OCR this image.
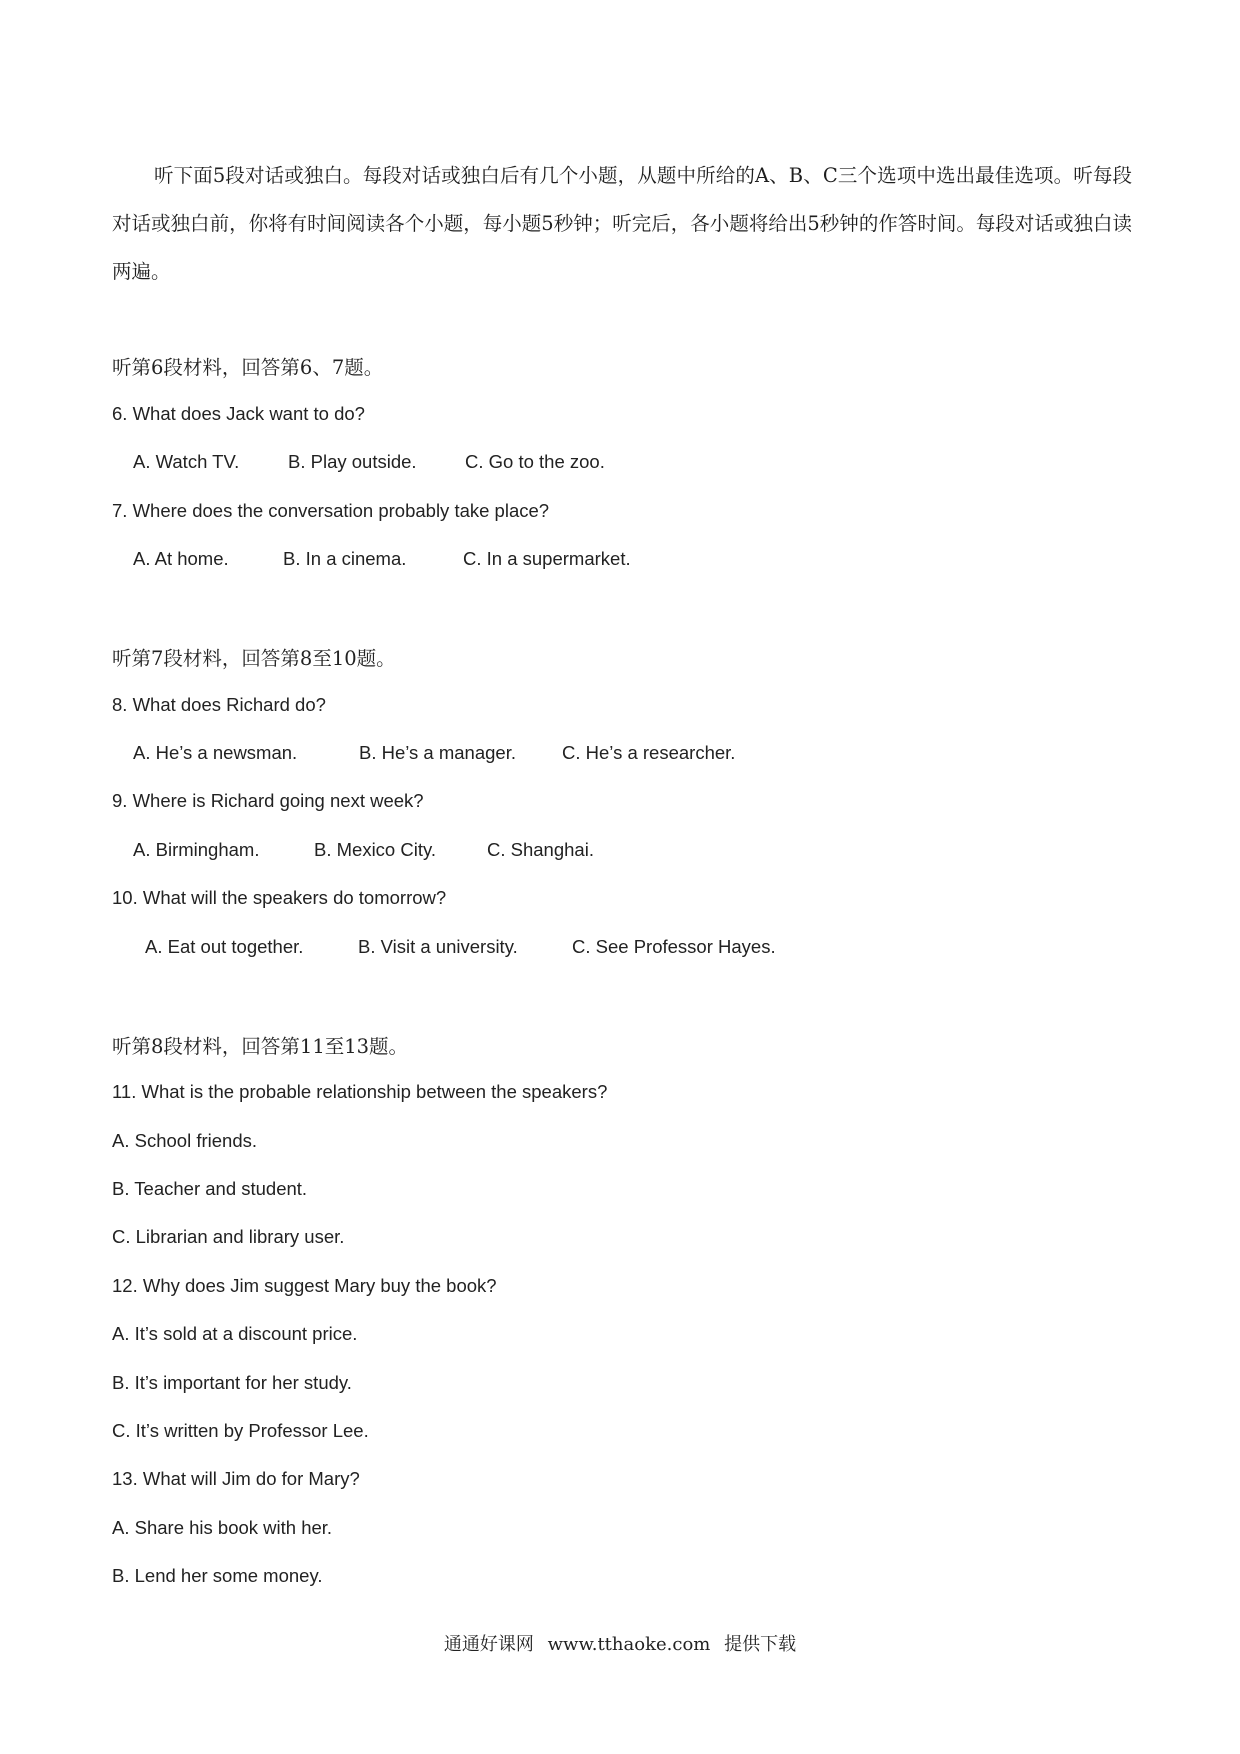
听下面5段对话或独白。每段对话或独白后有几个小题，从题中所给的A、B、C三个选项中选出最佳选项。听每段对话或独白前，你将有时间阅读各个小题，每小题5秒钟；听完后，各小题将给出5秒钟的作答时间。每段对话或独白读两遍。

听第6段材料，回答第6、7题。
6. What does Jack want to do?
A. Watch TV.	B. Play outside.	C. Go to the zoo.
7. Where does the conversation probably take place?
A. At home.	B. In a cinema.	C. In a supermarket.
听第7段材料，回答第8至10题。
8. What does Richard do?
A. He’s a newsman.	B. He’s a manager. C. He’s a researcher.
9. Where is Richard going next week?
A. Birmingham.	B. Mexico City.	C. Shanghai.
10. What will the speakers do tomorrow?
A. Eat out together.	B. Visit a university.	C. See Professor Hayes.
听第8段材料，回答第11至13题。
11. What is the probable relationship between the speakers?
A. School friends.
B. Teacher and student.
C. Librarian and library user.
12. Why does Jim suggest Mary buy the book?
A. It’s sold at a discount price.
B. It’s important for her study.
C. It’s written by Professor Lee.
13. What will Jim do for Mary?
A. Share his book with her.
B. Lend her some money.
通通好课网 www.tthaoke.com 提供下载
